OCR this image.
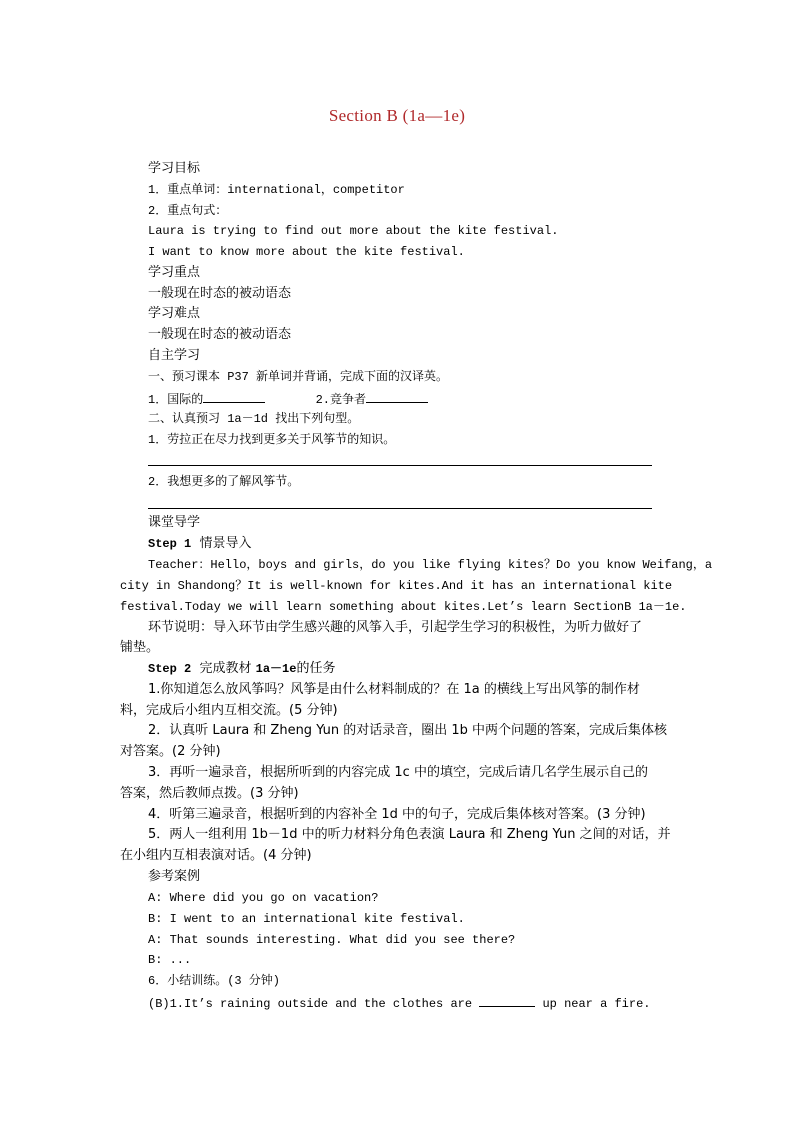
Section B (1a—1e)
学习目标
1．重点单词：international，competitor
2．重点句式：
Laura is trying to find out more about the kite festival.
I want to know more about the kite festival.
学习重点
一般现在时态的被动语态
学习难点
一般现在时态的被动语态
自主学习
一、预习课本 P37 新单词并背诵，完成下面的汉译英。
1．国际的	2.竞争者
二、认真预习 1a－1d 找出下列句型。
1．劳拉正在尽力找到更多关于风筝节的知识。
2．我想更多的了解风筝节。
课堂导学
Step 1 情景导入
Teacher：Hello，boys and girls，do you like flying kites？Do you know Weifang，a
city in Shandong？It is well-known for kites.And it has an international kite
festival.Today we will learn something about kites.Let’s learn SectionB 1a－1e.
环节说明：导入环节由学生感兴趣的风筝入手，引起学生学习的积极性，为听力做好了
铺垫。
Step 2 完成教材 1a－1e的任务
1.你知道怎么放风筝吗？风筝是由什么材料制成的？在 1a 的横线上写出风筝的制作材
料，完成后小组内互相交流。(5 分钟)
2．认真听 Laura 和 Zheng Yun 的对话录音，圈出 1b 中两个问题的答案，完成后集体核
对答案。(2 分钟)
3．再听一遍录音，根据所听到的内容完成 1c 中的填空，完成后请几名学生展示自己的
答案，然后教师点拨。(3 分钟)
4．听第三遍录音，根据听到的内容补全 1d 中的句子，完成后集体核对答案。(3 分钟)
5．两人一组利用 1b－1d 中的听力材料分角色表演 Laura 和 Zheng Yun 之间的对话，并
在小组内互相表演对话。(4 分钟)
参考案例
A: Where did you go on vacation?
B: I went to an international kite festival.
A: That sounds interesting. What did you see there?
B: ...
6．小结训练。(3 分钟)
(B)1.It’s raining outside and the clothes are	up near a fire.
